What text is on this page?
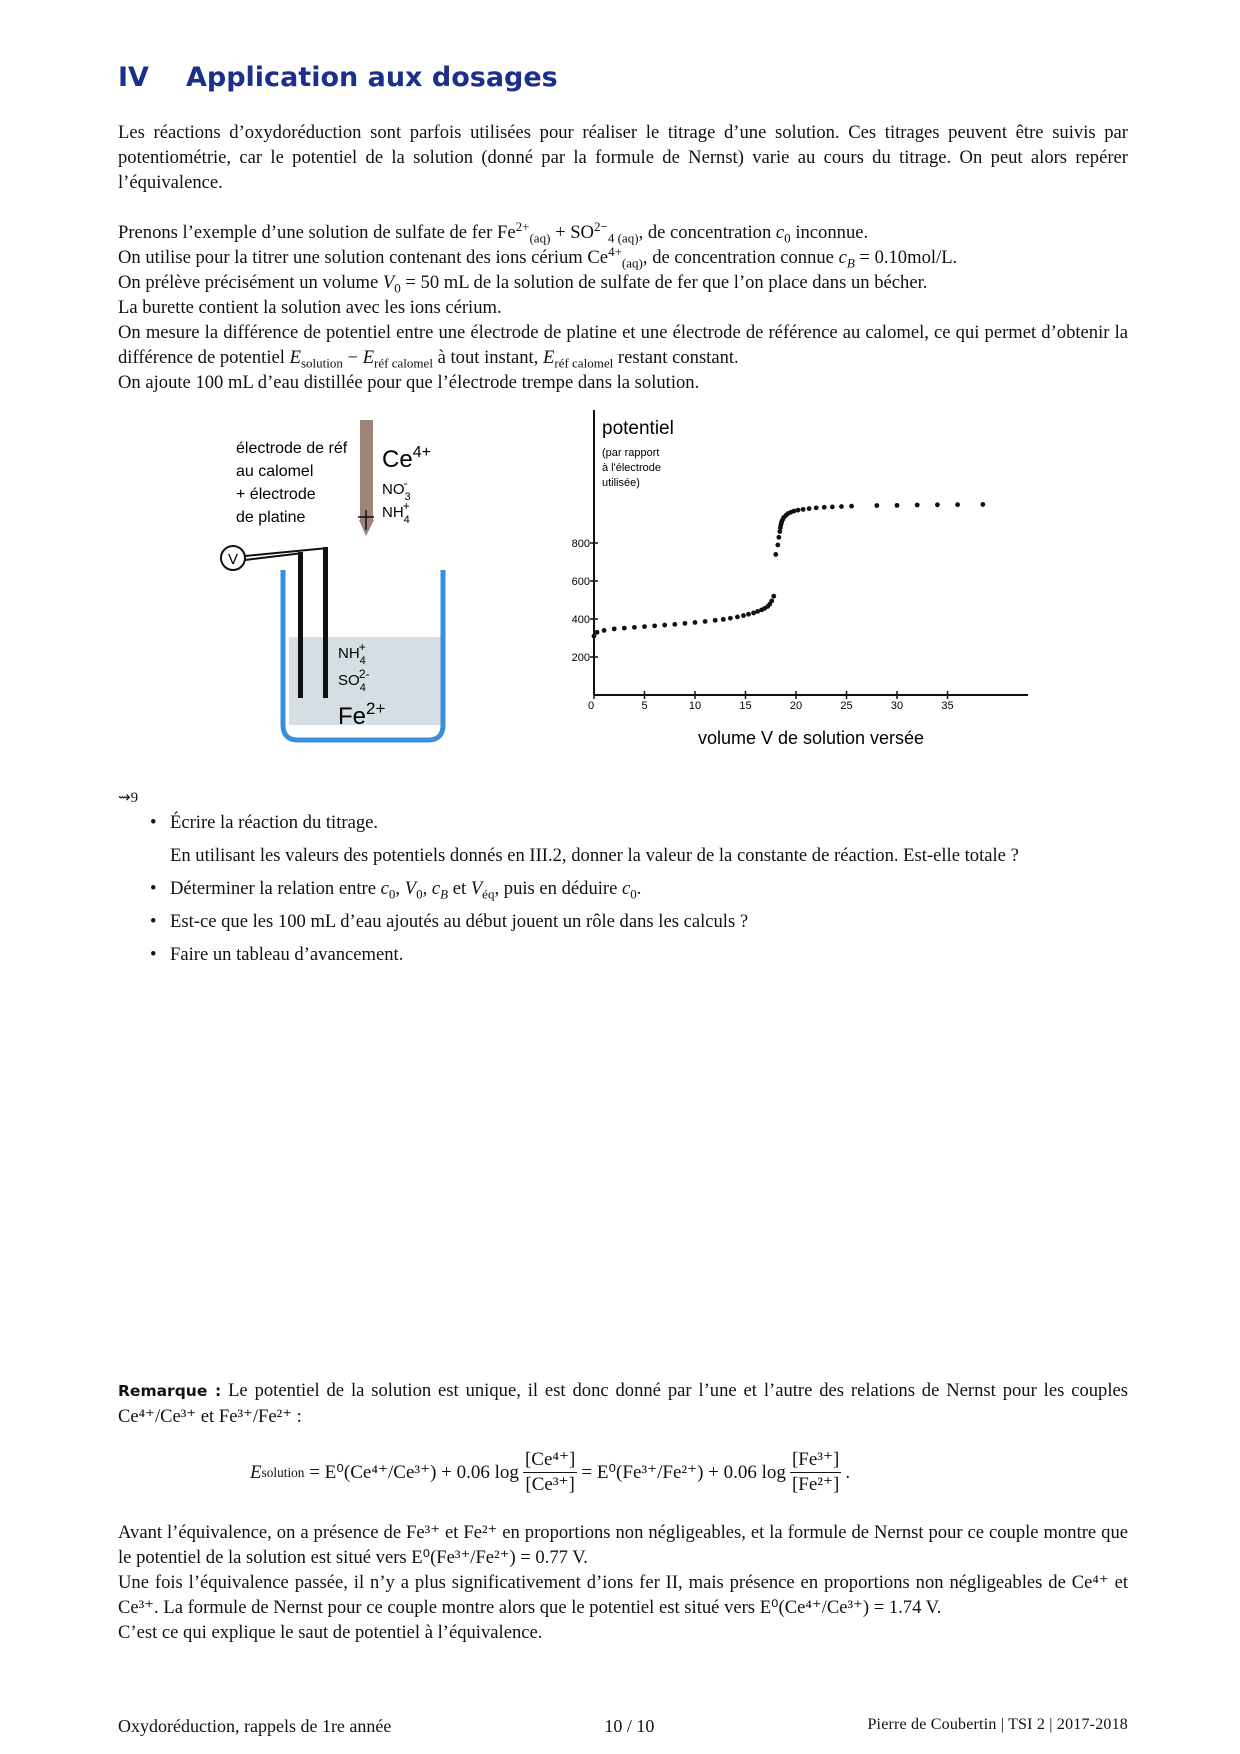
IV Application aux dosages

Les réactions d’oxydoréduction sont parfois utilisées pour réaliser le titrage d’une solution. Ces titrages peuvent être suivis par potentiométrie, car le potentiel de la solution (donné par la formule de Nernst) varie au cours du titrage. On peut alors repérer l’équivalence.

Prenons l’exemple d’une solution de sulfate de fer $Fe^{2+}_{(aq)} + SO^{2-}_{4 (aq)}$, de concentration $c_0$ inconnue.

On utilise pour la titrer une solution contenant des ions cérium $Ce^{4+}_{(aq)}$, de concentration connue $c_B = 0.10mol/L$.

On prélève précisément un volume $V_0 = 50$ mL de la solution de sulfate de fer que l’on place dans un bécher.

La burette contient la solution avec les ions cérium.

On mesure la différence de potentiel entre une électrode de platine et une électrode de référence au calomel, ce qui permet d’obtenir la différence de potentiel $E_{solution} - E_{réf calomel}$ à tout instant, $E_{réf calomel}$ restant constant.

On ajoute 100 mL d’eau distillée pour que l’électrode trempe dans la solution.

électrode de réf
au calomel
+ électrode
de platine
V
$Ce^{4+}$
$NO_3-$
$NH_4+$
$NH_4+$
$SO_42-$
$Fe^{2+}$
potentiel
(par rapport
à l'électrode
utilisée)
volume V de solution versée
0	5	10	15	20	25	30	35
200
400
600
800
⇝9
• Écrire la réaction du titrage.

En utilisant les valeurs des potentiels donnés en III.2, donner la valeur de la constante de réaction. Est-elle totale ?

• Déterminer la relation entre $c_0$, $V_0$, $c_B$ et $V_{éq}$, puis en déduire $c_0$.

• Est-ce que les 100 mL d’eau ajoutés au début jouent un rôle dans les calculs ?

• Faire un tableau d’avancement.

Remarque : Le potentiel de la solution est unique, il est donc donné par l’une et l’autre des relations de Nernst pour les couples Ce⁴⁺/Ce³⁺ et Fe³⁺/Fe²⁺ :
E solution
= E⁰(Ce⁴⁺/Ce³⁺) + 0.06 $\log \frac{\text{[Ce⁴⁺]}}{\text{[Ce³⁺]}} = E^0(Fe^{3+}/Fe^{2+}) + 0.06$ $\log \frac{\text{[Fe³⁺]}}{\text{[Fe²⁺]}}$ .

Avant l’équivalence, on a présence de Fe³⁺ et Fe²⁺ en proportions non négligeables, et la formule de Nernst pour ce couple montre que le potentiel de la solution est situé vers E⁰(Fe³⁺/Fe²⁺) = 0.77 V.

Une fois l’équivalence passée, il n’y a plus significativement d’ions fer II, mais présence en proportions non négligeables de Ce⁴⁺ et Ce³⁺. La formule de Nernst pour ce couple montre alors que le potentiel est situé vers E⁰(Ce⁴⁺/Ce³⁺) = 1.74 V.

C’est ce qui explique le saut de potentiel à l’équivalence.

Oxydoréduction, rappels de 1re année	10 / 10	Pierre de Coubertin | TSI 2 | 2017-2018
